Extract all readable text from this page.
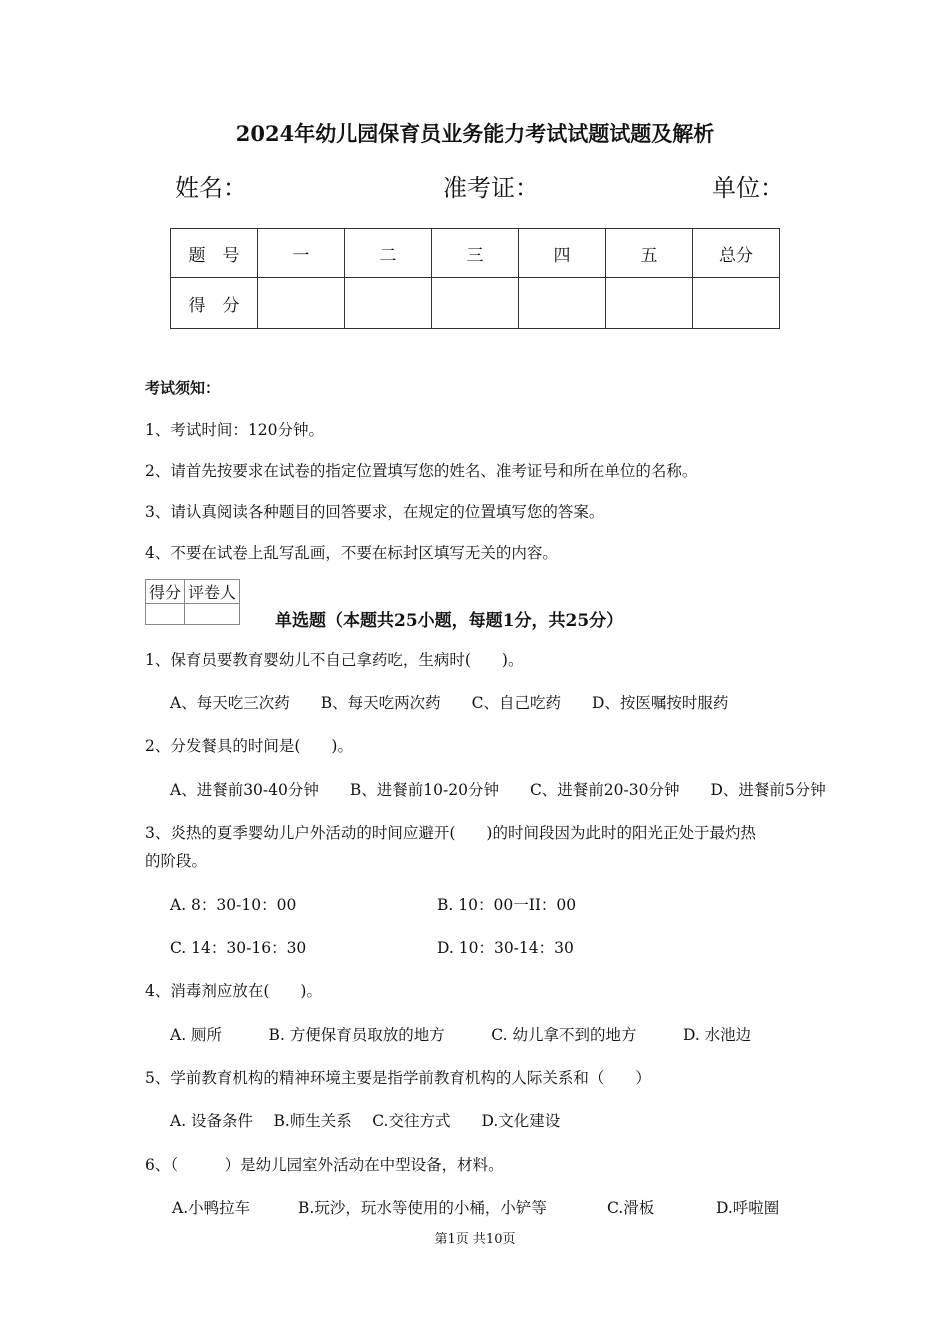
2024年幼儿园保育员业务能力考试试题试题及解析
姓名：	准考证：	单位：
题　号	一	二	三	四	五	总分
得　分						
考试须知：
1、考试时间：120分钟。
2、请首先按要求在试卷的指定位置填写您的姓名、准考证号和所在单位的名称。
3、请认真阅读各种题目的回答要求，在规定的位置填写您的答案。
4、不要在试卷上乱写乱画，不要在标封区填写无关的内容。
得分	评卷人

单选题（本题共25小题，每题1分，共25分）
1、保育员要教育婴幼儿不自己拿药吃，生病时(　　)。
A、每天吃三次药　　B、每天吃两次药　　C、自己吃药　　D、按医嘱按时服药
2、分发餐具的时间是(　　)。
A、进餐前30-40分钟　　B、进餐前10-20分钟　　C、进餐前20-30分钟　　D、进餐前5分钟
3、炎热的夏季婴幼儿户外活动的时间应避开(　　)的时间段因为此时的阳光正处于最灼热
的阶段。
A. 8：30-10：00	B. 10：00一II：00
C. 14：30-16：30	D. 10：30-14：30
4、消毒剂应放在(　　)。
A. 厕所　　　B. 方便保育员取放的地方　　　C. 幼儿拿不到的地方　　　D. 水池边
5、学前教育机构的精神环境主要是指学前教育机构的人际关系和（　　）
A. 设备条件　 B.师生关系　 C.交往方式　　D.文化建设
6、（　　　）是幼儿园室外活动在中型设备，材料。
A.小鸭拉车	B.玩沙，玩水等使用的小桶，小铲等	C.滑板	D.呼啦圈
第1页 共10页
